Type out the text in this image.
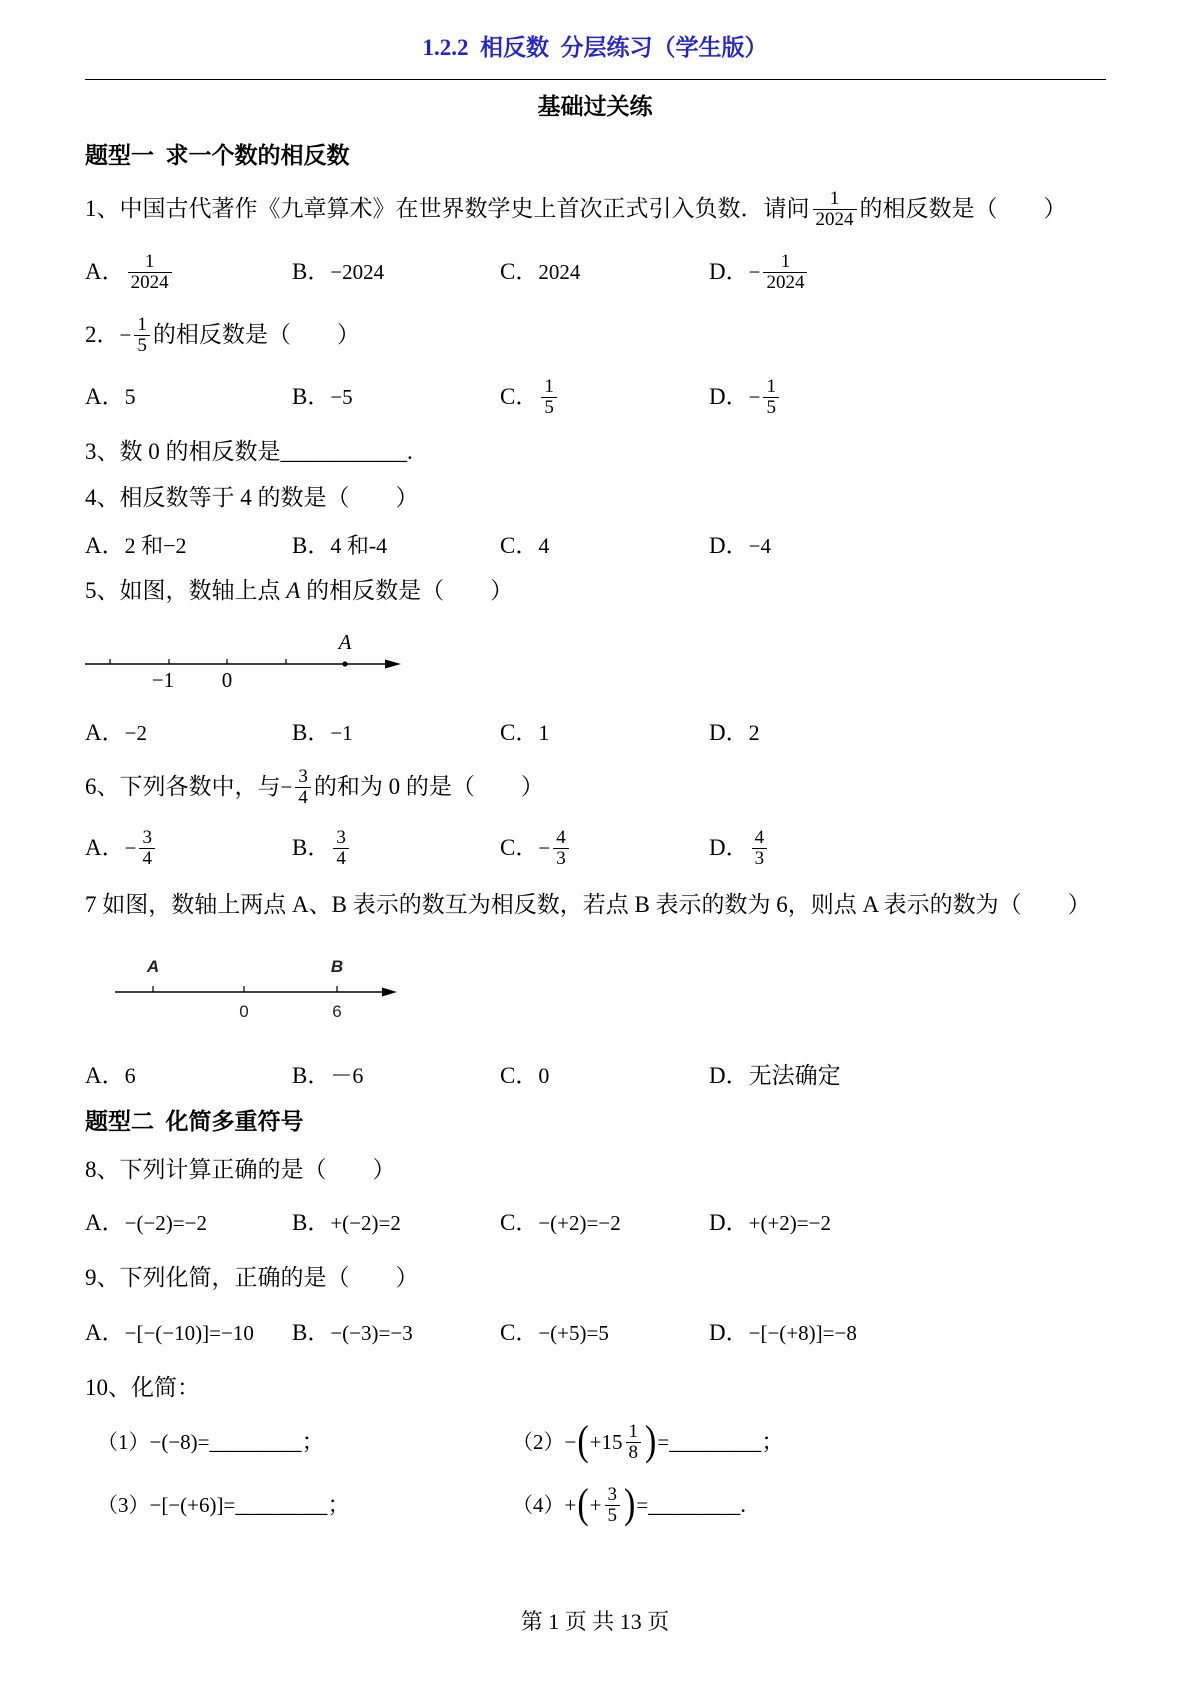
1.2.2  相反数  分层练习（学生版）
基础过关练
题型一  求一个数的相反数
1、中国古代著作《九章算术》在世界数学史上首次正式引入负数．请问 $\frac{1}{2024}$ 的相反数是（　　）
A． $\frac{1}{2024}$	B． −2024	C． 2024	D． − $\frac{1}{2024}$
2． − $\frac{1}{5}$ 的相反数是（　　）
A． 5	B． −5	C． $\frac{1}{5}$	D． − $\frac{1}{5}$
3、数 0 的相反数是 ___________ .
4、相反数等于 4 的数是（　　）
A． 2 和−2	B． 4 和-4	C． 4	D． −4
5、如图，数轴上点 A 的相反数是（　　）
A
−1 0
A． −2	B． −1	C． 1	D． 2
6、下列各数中，与 − $\frac{3}{4}$ 的和为 0 的是（　　）
A． − $\frac{3}{4}$	B． $\frac{3}{4}$	C． − $\frac{4}{3}$	D． $\frac{4}{3}$
7 如图，数轴上两点 A、B 表示的数互为相反数，若点 B 表示的数为 6，则点 A 表示的数为（　　）
A	B
0	6
A． 6	B． －6	C． 0	D． 无法确定
题型二  化简多重符号
8、下列计算正确的是（　　）
A． −(−2)=−2	B． +(−2)=2	C． −(+2)=−2	D． +(+2)=−2
9、下列化简，正确的是（　　）
A． −[−(−10)]=−10 B． −(−3)=−3	C． −(+5)=5	D． −[−(+8)]=−8
10、化简：
（1） −(−8)= ________ ；	（2） − ( $+15 \frac{1}{8}$ ) = ________ ；
（3） −[−(+6)]= ________ ；	（4） + ( + $\frac{3}{5}$ ) = ________ .
第 1 页 共 13 页
